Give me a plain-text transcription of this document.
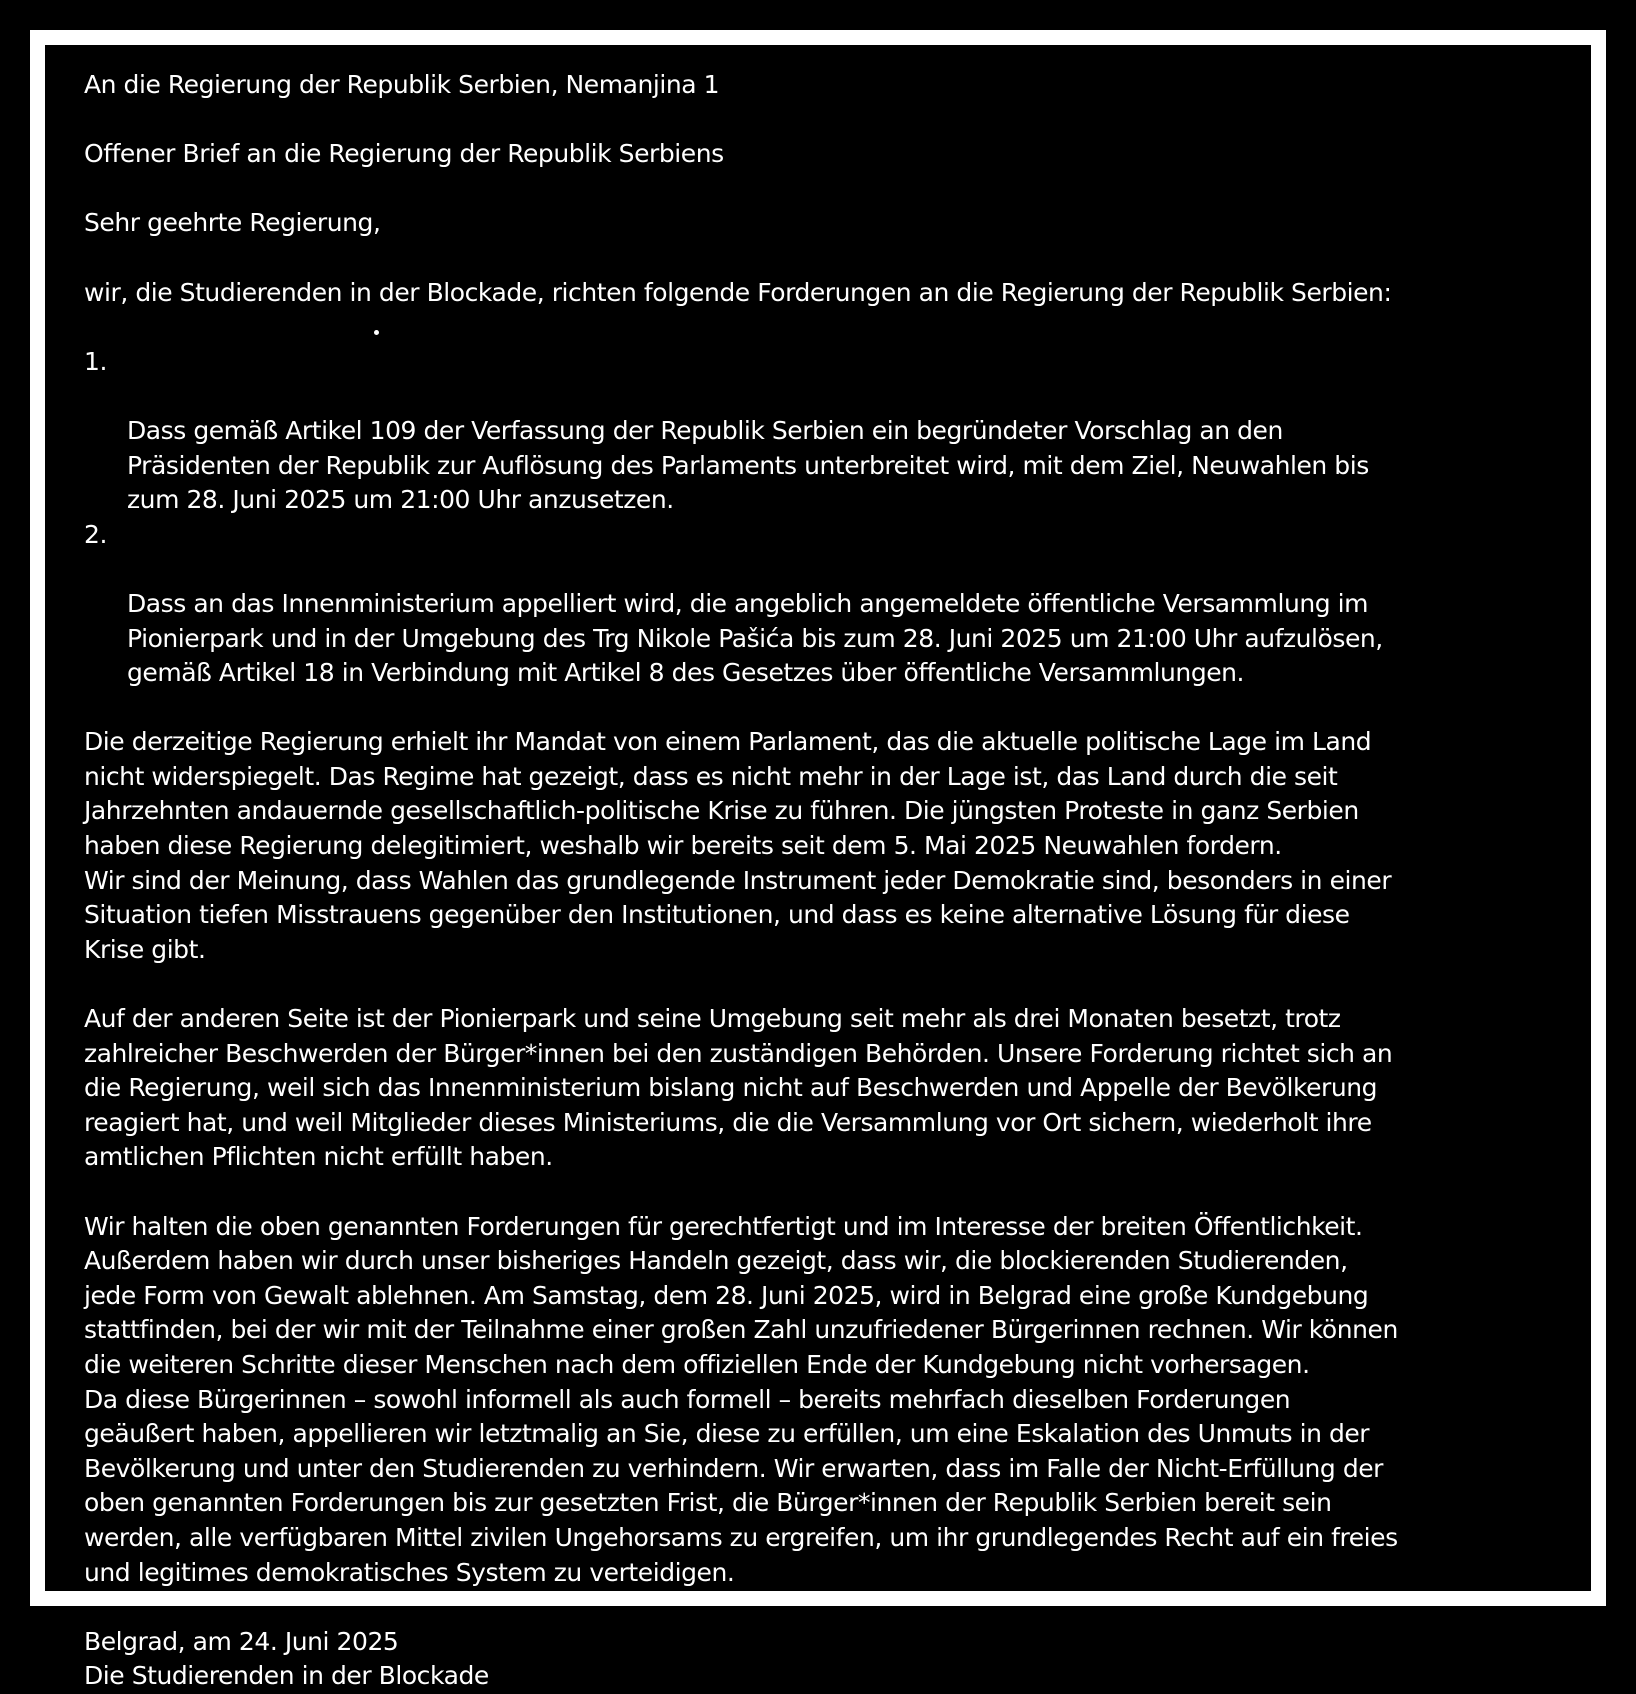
An die Regierung der Republik Serbien, Nemanjina 1

Offener Brief an die Regierung der Republik Serbiens

Sehr geehrte Regierung,

wir, die Studierenden in der Blockade, richten folgende Forderungen an die Regierung der Republik Serbien:

1.

Dass gemäß Artikel 109 der Verfassung der Republik Serbien ein begründeter Vorschlag an den
Präsidenten der Republik zur Auflösung des Parlaments unterbreitet wird, mit dem Ziel, Neuwahlen bis
zum 28. Juni 2025 um 21:00 Uhr anzusetzen.

2.

Dass an das Innenministerium appelliert wird, die angeblich angemeldete öffentliche Versammlung im
Pionierpark und in der Umgebung des Trg Nikole Pašića bis zum 28. Juni 2025 um 21:00 Uhr aufzulösen,
gemäß Artikel 18 in Verbindung mit Artikel 8 des Gesetzes über öffentliche Versammlungen.

Die derzeitige Regierung erhielt ihr Mandat von einem Parlament, das die aktuelle politische Lage im Land
nicht widerspiegelt. Das Regime hat gezeigt, dass es nicht mehr in der Lage ist, das Land durch die seit
Jahrzehnten andauernde gesellschaftlich-politische Krise zu führen. Die jüngsten Proteste in ganz Serbien
haben diese Regierung delegitimiert, weshalb wir bereits seit dem 5. Mai 2025 Neuwahlen fordern.
Wir sind der Meinung, dass Wahlen das grundlegende Instrument jeder Demokratie sind, besonders in einer
Situation tiefen Misstrauens gegenüber den Institutionen, und dass es keine alternative Lösung für diese
Krise gibt.

Auf der anderen Seite ist der Pionierpark und seine Umgebung seit mehr als drei Monaten besetzt, trotz
zahlreicher Beschwerden der Bürger*innen bei den zuständigen Behörden. Unsere Forderung richtet sich an
die Regierung, weil sich das Innenministerium bislang nicht auf Beschwerden und Appelle der Bevölkerung
reagiert hat, und weil Mitglieder dieses Ministeriums, die die Versammlung vor Ort sichern, wiederholt ihre
amtlichen Pflichten nicht erfüllt haben.

Wir halten die oben genannten Forderungen für gerechtfertigt und im Interesse der breiten Öffentlichkeit.
Außerdem haben wir durch unser bisheriges Handeln gezeigt, dass wir, die blockierenden Studierenden,
jede Form von Gewalt ablehnen. Am Samstag, dem 28. Juni 2025, wird in Belgrad eine große Kundgebung
stattfinden, bei der wir mit der Teilnahme einer großen Zahl unzufriedener Bürgerinnen rechnen. Wir können
die weiteren Schritte dieser Menschen nach dem offiziellen Ende der Kundgebung nicht vorhersagen.
Da diese Bürgerinnen – sowohl informell als auch formell – bereits mehrfach dieselben Forderungen
geäußert haben, appellieren wir letztmalig an Sie, diese zu erfüllen, um eine Eskalation des Unmuts in der
Bevölkerung und unter den Studierenden zu verhindern. Wir erwarten, dass im Falle der Nicht-Erfüllung der
oben genannten Forderungen bis zur gesetzten Frist, die Bürger*innen der Republik Serbien bereit sein
werden, alle verfügbaren Mittel zivilen Ungehorsams zu ergreifen, um ihr grundlegendes Recht auf ein freies
und legitimes demokratisches System zu verteidigen.

Belgrad, am 24. Juni 2025

Die Studierenden in der Blockade
